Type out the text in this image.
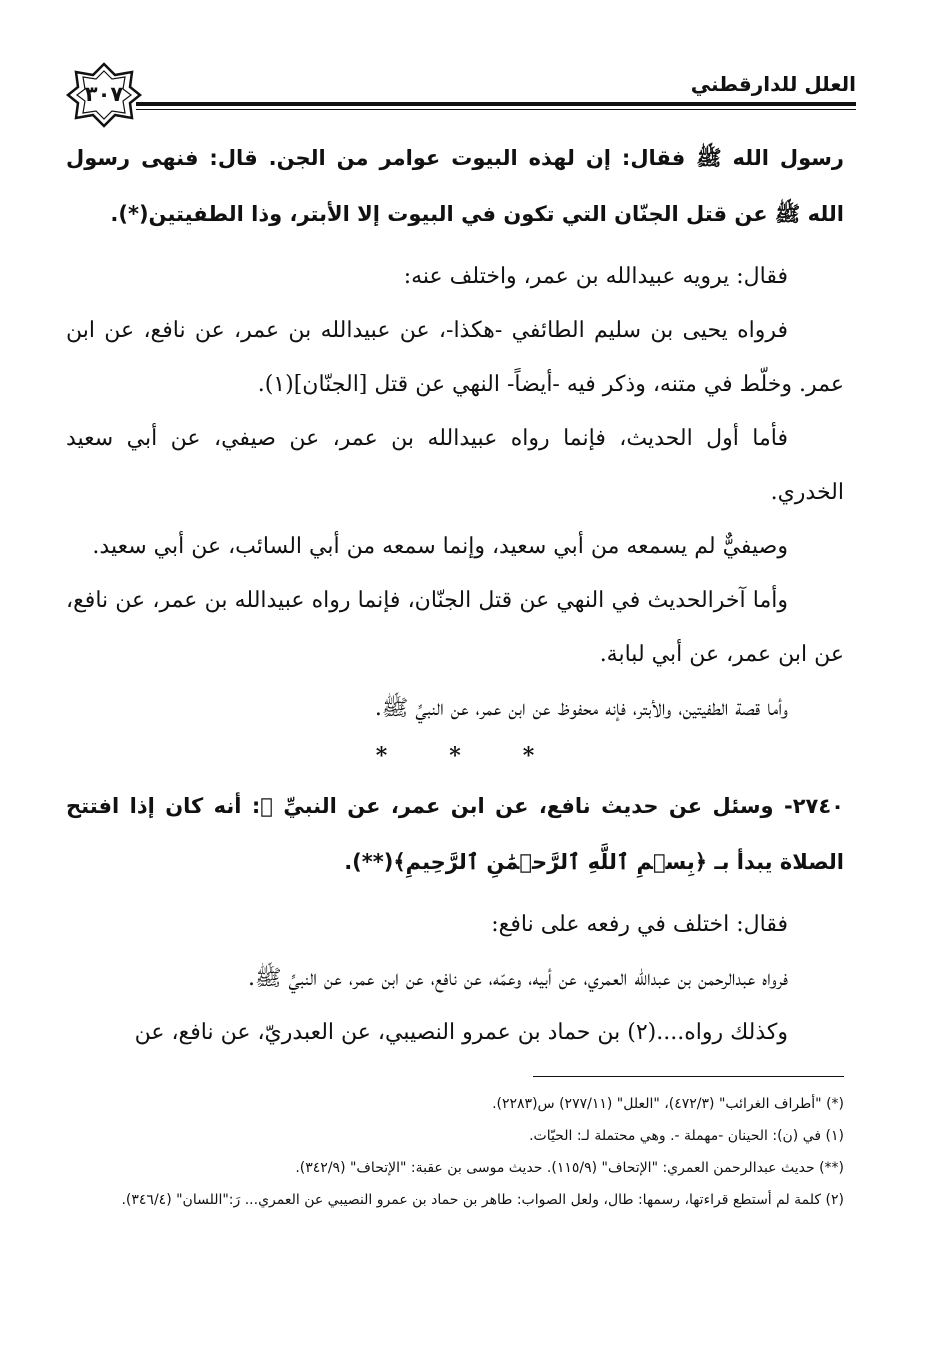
العلل للدارقطني
٣٠٧

رسول الله ﷺ فقال: إن لهذه البيوت عوامر من الجن. قال: فنهى رسول الله ﷺ عن قتل الجنّان التي تكون في البيوت إلا الأبتر، وذا الطفيتين(*).

فقال: يرويه عبيدالله بن عمر، واختلف عنه:

فرواه يحيى بن سليم الطائفي -هكذا-، عن عبيدالله بن عمر، عن نافع، عن ابن عمر. وخلّط في متنه، وذكر فيه -أيضاً- النهي عن قتل [الجنّان](١).

فأما أول الحديث، فإنما رواه عبيدالله بن عمر، عن صيفي، عن أبي سعيد الخدري.

وصيفيٌّ لم يسمعه من أبي سعيد، وإنما سمعه من أبي السائب، عن أبي سعيد.

وأما آخرالحديث في النهي عن قتل الجنّان، فإنما رواه عبيدالله بن عمر، عن نافع، عن ابن عمر، عن أبي لبابة.

وأما قصة الطفيتين، والأبتر، فإنه محفوظ عن ابن عمر، عن النبيِّ ﷺ.

*	*	*

٢٧٤٠- وسئل عن حديث نافع، عن ابن عمر، عن النبيِّ ﷺ: أنه كان إذا افتتح الصلاة يبدأ بـ ﴿بِسۡمِ ٱللَّهِ ٱلرَّحۡمَٰنِ ٱلرَّحِيمِ﴾(**).

فقال: اختلف في رفعه على نافع:

فرواه عبدالرحمن بن عبدالله العمري، عن أبيه، وعمّه، عن نافع، عن ابن عمر، عن النبيِّ ﷺ.

وكذلك رواه....(٢) بن حماد بن عمرو النصيبي، عن العبدريّ، عن نافع، عن

(*) "أطراف الغرائب" (٤٧٢/٣)، "العلل" (٢٧٧/١١) س(٢٢٨٣).

(١) في (ن): الحينان -مهملة -. وهي محتملة لـ: الحيّات.

(**) حديث عبدالرحمن العمري: "الإتحاف" (١١٥/٩). حديث موسى بن عقبة: "الإتحاف" (٣٤٢/٩).

(٢) كلمة لم أستطع قراءتها، رسمها: طال، ولعل الصواب: طاهر بن حماد بن عمرو النصيبي عن العمري... رَ:"اللسان" (٣٤٦/٤).
